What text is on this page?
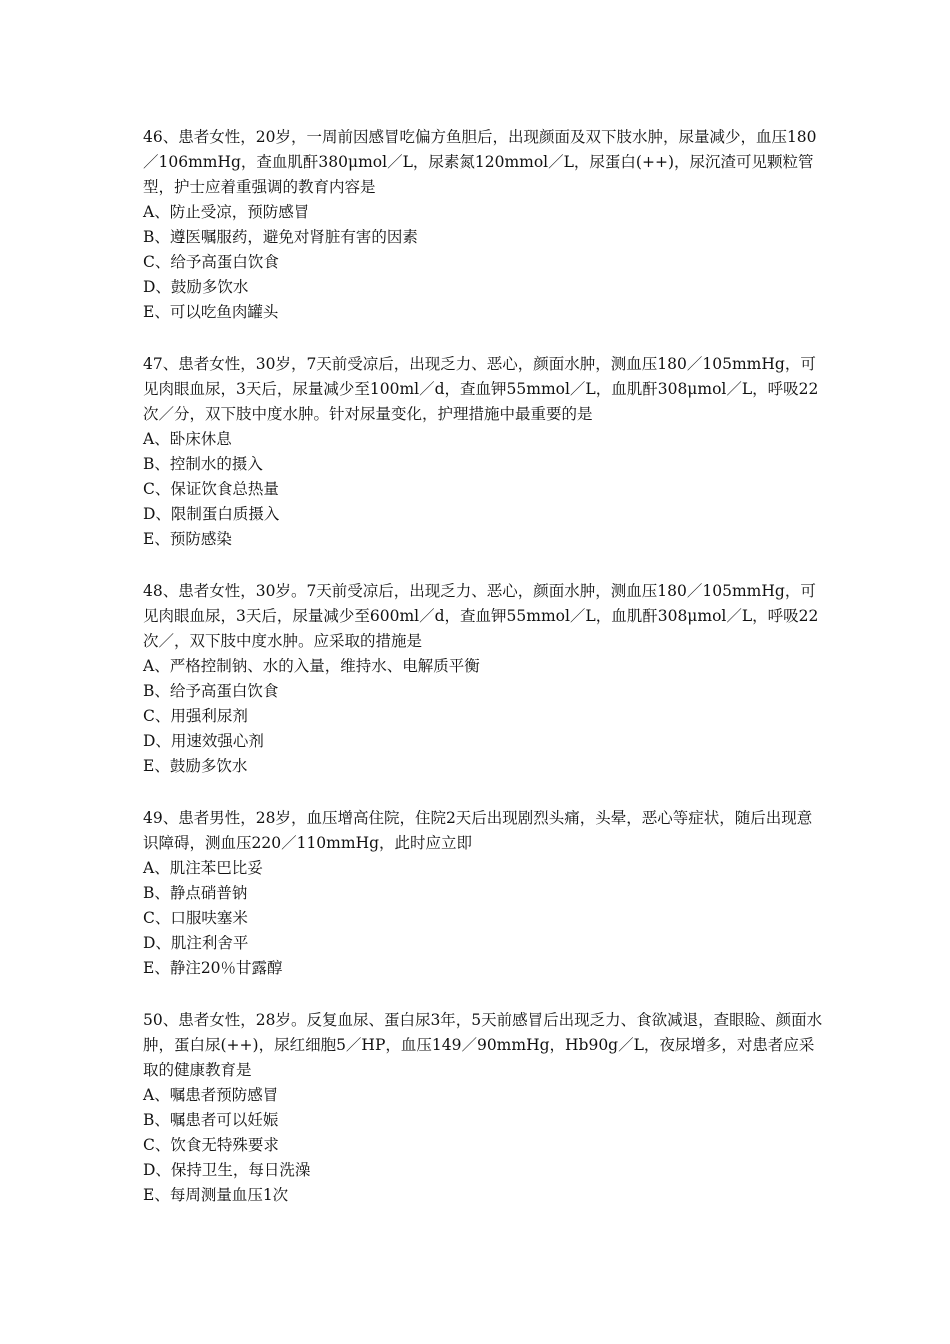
46、患者女性，20岁，一周前因感冒吃偏方鱼胆后，出现颜面及双下肢水肿，尿量减少，血压180／106mmHg，查血肌酐380μmol／L，尿素氮120mmol／L，尿蛋白(++)，尿沉渣可见颗粒管型，护士应着重强调的教育内容是

A、防止受凉，预防感冒
B、遵医嘱服药，避免对肾脏有害的因素
C、给予高蛋白饮食
D、鼓励多饮水
E、可以吃鱼肉罐头

47、患者女性，30岁，7天前受凉后，出现乏力、恶心，颜面水肿，测血压180／105mmHg，可见肉眼血尿，3天后，尿量减少至100ml／d，查血钾55mmol／L，血肌酐308μmol／L，呼吸22次／分，双下肢中度水肿。针对尿量变化，护理措施中最重要的是

A、卧床休息
B、控制水的摄入
C、保证饮食总热量
D、限制蛋白质摄入
E、预防感染

48、患者女性，30岁。7天前受凉后，出现乏力、恶心，颜面水肿，测血压180／105mmHg，可见肉眼血尿，3天后，尿量减少至600ml／d，查血钾55mmol／L，血肌酐308μmol／L，呼吸22次／，双下肢中度水肿。应采取的措施是

A、严格控制钠、水的入量，维持水、电解质平衡
B、给予高蛋白饮食
C、用强利尿剂
D、用速效强心剂
E、鼓励多饮水

49、患者男性，28岁，血压增高住院，住院2天后出现剧烈头痛，头晕，恶心等症状，随后出现意识障碍，测血压220／110mmHg，此时应立即

A、肌注苯巴比妥
B、静点硝普钠
C、口服呋塞米
D、肌注利舍平
E、静注20％甘露醇

50、患者女性，28岁。反复血尿、蛋白尿3年，5天前感冒后出现乏力、食欲减退，查眼睑、颜面水肿，蛋白尿(++)，尿红细胞5／HP，血压149／90mmHg，Hb90g／L，夜尿增多，对患者应采取的健康教育是

A、嘱患者预防感冒
B、嘱患者可以妊娠
C、饮食无特殊要求
D、保持卫生，每日洗澡
E、每周测量血压1次
